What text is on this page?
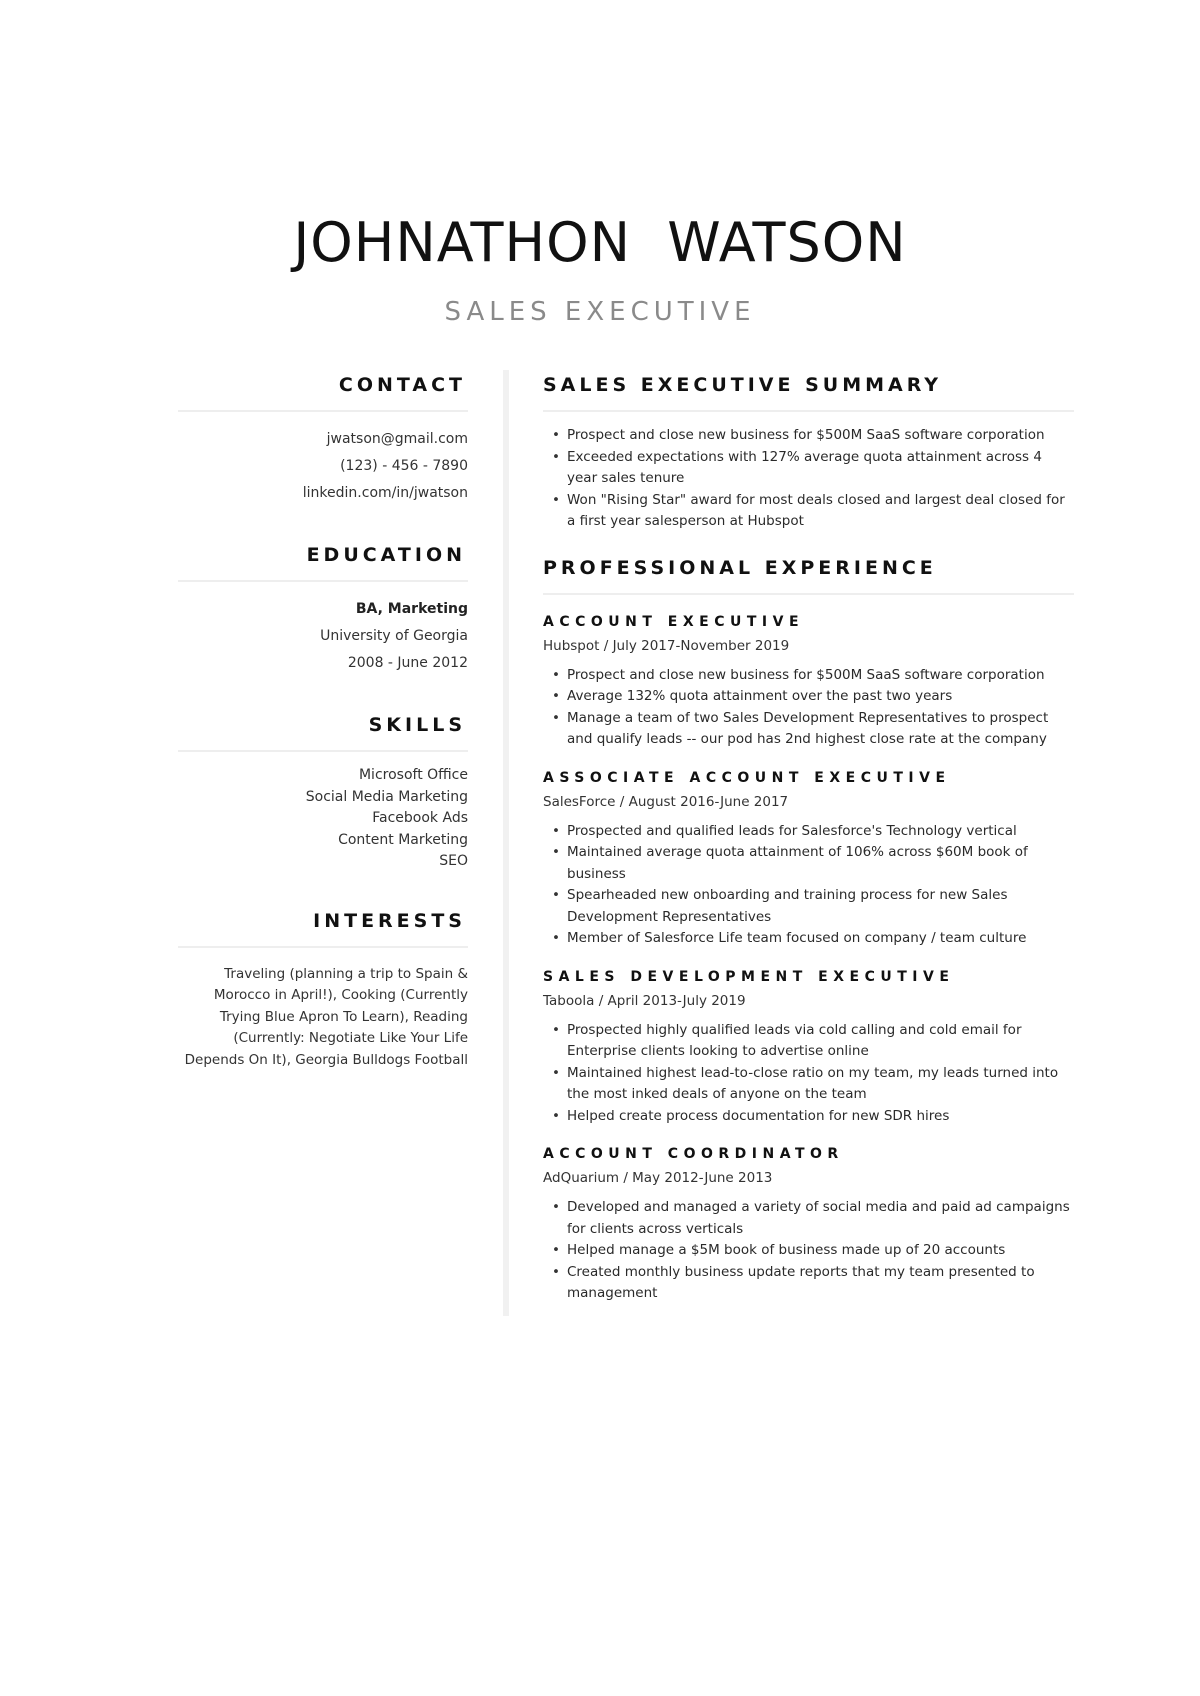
JOHNATHON  WATSON
SALES EXECUTIVE
CONTACT
jwatson@gmail.com
(123) - 456 - 7890
linkedin.com/in/jwatson
EDUCATION
BA, Marketing
University of Georgia
2008 - June 2012
SKILLS
Microsoft Office
Social Media Marketing
Facebook Ads
Content Marketing
SEO
INTERESTS
Traveling (planning a trip to Spain & Morocco in April!), Cooking (Currently Trying Blue Apron To Learn), Reading (Currently: Negotiate Like Your Life Depends On It), Georgia Bulldogs Football
SALES EXECUTIVE SUMMARY
• Prospect and close new business for $500M SaaS software corporation
• Exceeded expectations with 127% average quota attainment across 4 year sales tenure
• Won "Rising Star" award for most deals closed and largest deal closed for a first year salesperson at Hubspot
PROFESSIONAL EXPERIENCE
ACCOUNT EXECUTIVE
Hubspot / July 2017-November 2019
• Prospect and close new business for $500M SaaS software corporation
• Average 132% quota attainment over the past two years
• Manage a team of two Sales Development Representatives to prospect and qualify leads -- our pod has 2nd highest close rate at the company
ASSOCIATE ACCOUNT EXECUTIVE
SalesForce / August 2016-June 2017
• Prospected and qualified leads for Salesforce's Technology vertical
• Maintained average quota attainment of 106% across $60M book of business
• Spearheaded new onboarding and training process for new Sales Development Representatives
• Member of Salesforce Life team focused on company / team culture
SALES DEVELOPMENT EXECUTIVE
Taboola / April 2013-July 2019
• Prospected highly qualified leads via cold calling and cold email for Enterprise clients looking to advertise online
• Maintained highest lead-to-close ratio on my team, my leads turned into the most inked deals of anyone on the team
• Helped create process documentation for new SDR hires
ACCOUNT COORDINATOR
AdQuarium / May 2012-June 2013
• Developed and managed a variety of social media and paid ad campaigns for clients across verticals
• Helped manage a $5M book of business made up of 20 accounts
• Created monthly business update reports that my team presented to management
